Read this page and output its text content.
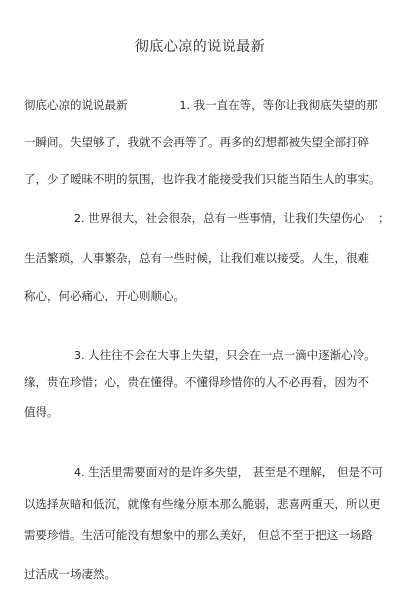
彻底心凉的说说最新
彻底心凉的说说最新	1. 我一直在等，等你让我彻底失望的那
一瞬间。失望够了，我就不会再等了。再多的幻想都被失望全部打碎
了，少了暧昧不明的氛围，也许我才能接受我们只能当陌生人的事实。
2. 世界很大，社会很杂，总有一些事情，让我们失望伤心 ；
生活繁琐，人事繁杂，总有一些时候，让我们难以接受。人生，很难
称心，何必痛心，开心则顺心。
3. 人往往不会在大事上失望，只会在一点一滴中逐渐心冷。
缘，贵在珍惜；心，贵在懂得。不懂得珍惜你的人不必再看，因为不
值得。
4. 生活里需要面对的是许多失望， 甚至是不理解， 但是不可
以选择灰暗和低沉，就像有些缘分原本那么脆弱，悲喜两重天，所以更
需要珍惜。生活可能没有想象中的那么美好， 但总不至于把这一场路
过活成一场凄然。
